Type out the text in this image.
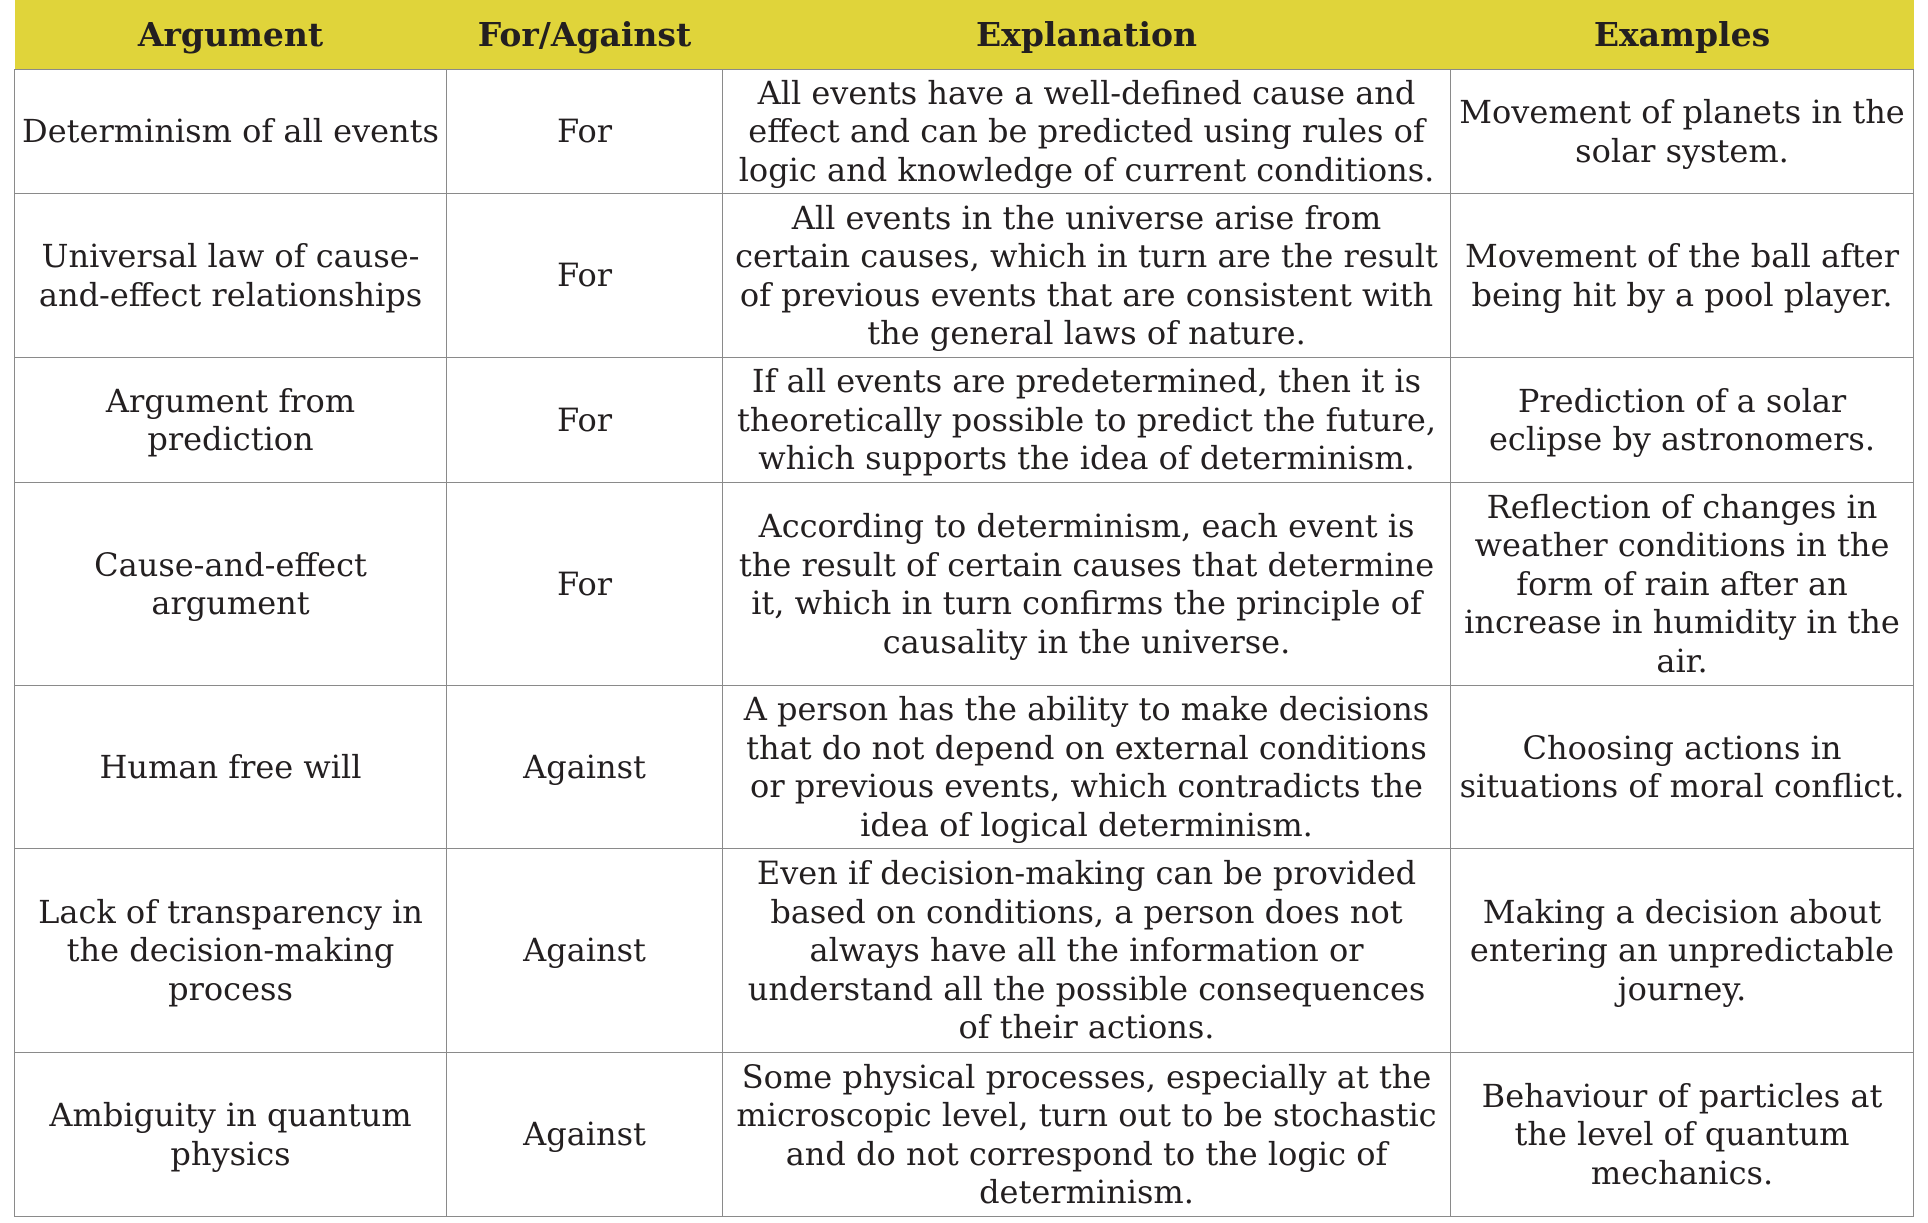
Argument	For/Against	Explanation	Examples
Determinism of all events	For	All events have a well-defined cause and effect and can be predicted using rules of logic and knowledge of current conditions.	Movement of planets in the solar system.
Universal law of cause-and-effect relationships	For	All events in the universe arise from certain causes, which in turn are the result of previous events that are consistent with the general laws of nature.	Movement of the ball after being hit by a pool player.
Argument from prediction	For	If all events are predetermined, then it is theoretically possible to predict the future, which supports the idea of determinism.	Prediction of a solar eclipse by astronomers.
Cause-and-effect argument	For	According to determinism, each event is the result of certain causes that determine it, which in turn confirms the principle of causality in the universe.	Reflection of changes in weather conditions in the form of rain after an increase in humidity in the air.
Human free will	Against	A person has the ability to make decisions that do not depend on external conditions or previous events, which contradicts the idea of logical determinism.	Choosing actions in situations of moral conflict.
Lack of transparency in the decision-making process	Against	Even if decision-making can be provided based on conditions, a person does not always have all the information or understand all the possible consequences of their actions.	Making a decision about entering an unpredictable journey.
Ambiguity in quantum physics	Against	Some physical processes, especially at the microscopic level, turn out to be stochastic and do not correspond to the logic of determinism.	Behaviour of particles at the level of quantum mechanics.
